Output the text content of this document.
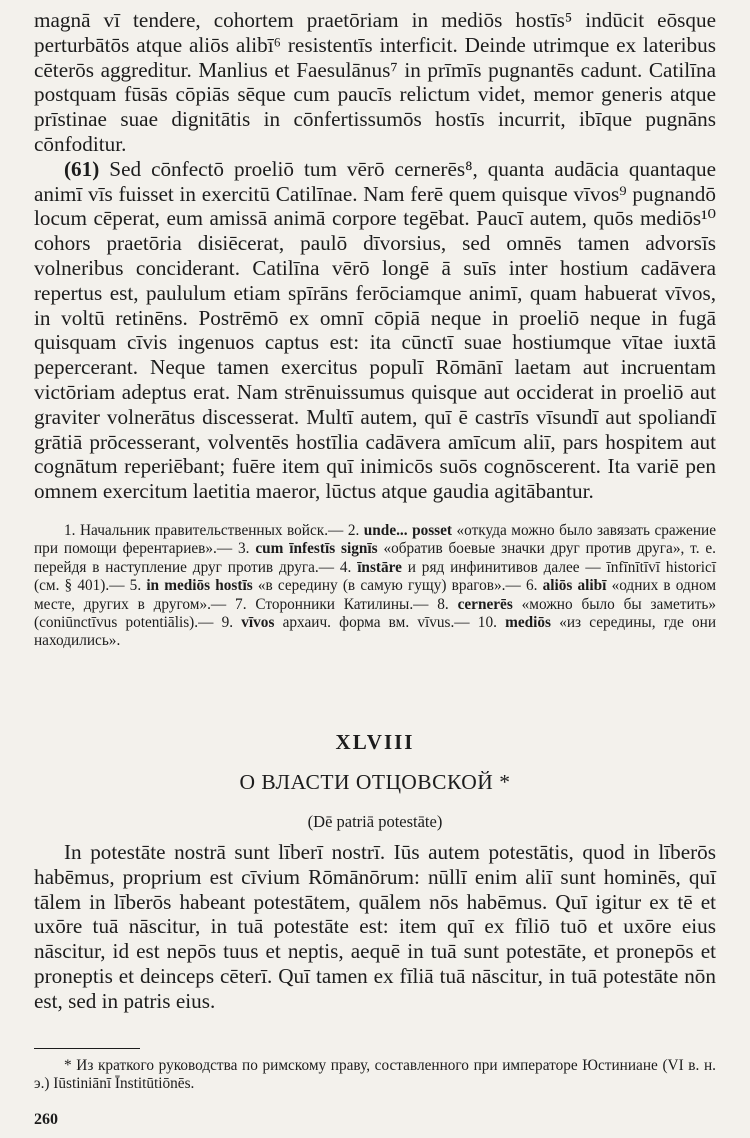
magnā vī tendere, cohortem praetōriam in mediōs hostīs⁵ indūcit eōsque perturbātōs atque aliōs alibī⁶ resistentīs interficit. Deinde utrimque ex lateribus cēterōs aggreditur. Manlius et Faesulānus⁷ in prīmīs pugnantēs cadunt. Catilīna postquam fūsās cōpiās sēque cum paucīs relictum videt, memor generis atque prīstinae suae dignitātis in cōnfertissumōs hostīs incurrit, ibīque pugnāns cōnfoditur.

(61) Sed cōnfectō proeliō tum vērō cernerēs⁸, quanta audācia quantaque animī vīs fuisset in exercitū Catilīnae. Nam ferē quem quisque vīvos⁹ pugnandō locum cēperat, eum amissā animā corpore tegēbat. Paucī autem, quōs mediōs¹⁰ cohors praetōria disiēcerat, paulō dīvorsius, sed omnēs tamen advorsīs volneribus conciderant. Catilīna vērō longē ā suīs inter hostium cadāvera repertus est, paululum etiam spīrāns ferōciamque animī, quam habuerat vīvos, in voltū retinēns. Postrēmō ex omnī cōpiā neque in proeliō neque in fugā quisquam cīvis ingenuos captus est: ita cūnctī suae hostiumque vītae iuxtā pepercerant. Neque tamen exercitus populī Rōmānī laetam aut incruentam victōriam adeptus erat. Nam strēnuissumus quisque aut occiderat in proeliō aut graviter volnerātus discesserat. Multī autem, quī ē castrīs vīsundī aut spoliandī grātiā prōcesserant, volventēs hostīlia cadāvera amīcum aliī, pars hospitem aut cognātum reperiēbant; fuēre item quī inimicōs suōs cognōscerent. Ita variē pen omnem exercitum laetitia maeror, lūctus atque gaudia agitābantur.

1. Начальник правительственных войск.— 2. unde... posset «откуда можно было завязать сражение при помощи ферентариев».— 3. cum īnfestīs signīs «обратив боевые значки друг против друга», т. е. перейдя в наступление друг против друга.— 4. īnstāre и ряд инфинитивов далее — īnfīnītīvī historicī (см. § 401).— 5. in mediōs hostīs «в середину (в самую гущу) врагов».— 6. aliōs alibī «одних в одном месте, других в другом».— 7. Сторонники Катилины.— 8. cernerēs «можно было бы заметить» (coniūnctīvus potentiālis).— 9. vīvos архаич. форма вм. vīvus.— 10. mediōs «из середины, где они находились».
XLVIII
О ВЛАСТИ ОТЦОВСКОЙ *
(Dē patriā potestāte)

In potestāte nostrā sunt līberī nostrī. Iūs autem potestātis, quod in līberōs habēmus, proprium est cīvium Rōmānōrum: nūllī enim aliī sunt hominēs, quī tālem in līberōs habeant potestātem, quālem nōs habēmus. Quī igitur ex tē et uxōre tuā nāscitur, in tuā potestāte est: item quī ex fīliō tuō et uxōre eius nāscitur, id est nepōs tuus et neptis, aequē in tuā sunt potestāte, et pronepōs et proneptis et deinceps cēterī. Quī tamen ex fīliā tuā nāscitur, in tuā potestāte nōn est, sed in patris eius.

* Из краткого руководства по римскому праву, составленного при императоре Юстиниане (VI в. н. э.) Iūstiniānī Īnstitūtiōnēs.
260
